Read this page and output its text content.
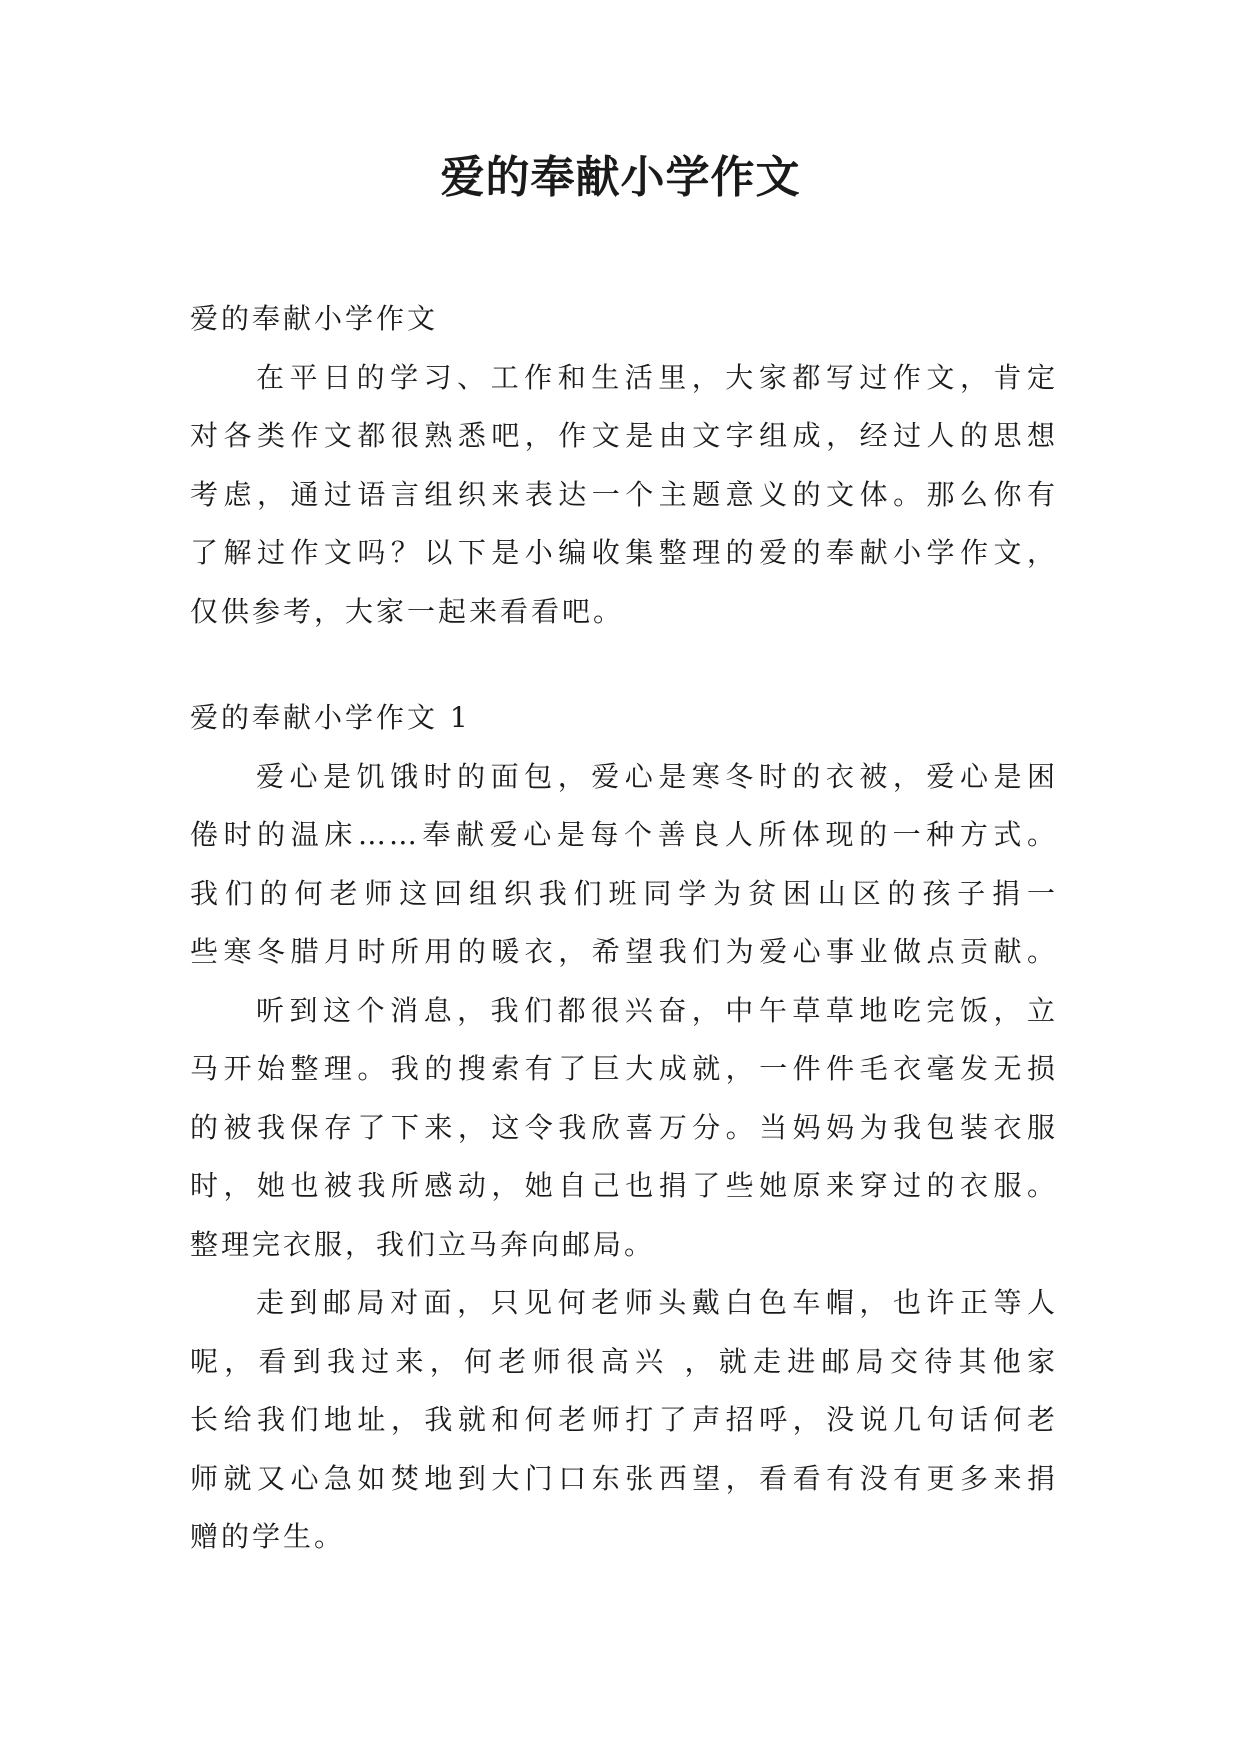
爱的奉献小学作文
爱的奉献小学作文
在平日的学习、工作和生活里，大家都写过作文，肯定
对各类作文都很熟悉吧，作文是由文字组成，经过人的思想
考虑，通过语言组织来表达一个主题意义的文体。那么你有
了解过作文吗？以下是小编收集整理的爱的奉献小学作文，
仅供参考，大家一起来看看吧。
爱的奉献小学作文 1
爱心是饥饿时的面包，爱心是寒冬时的衣被，爱心是困
倦时的温床……奉献爱心是每个善良人所体现的一种方式。
我们的何老师这回组织我们班同学为贫困山区的孩子捐一
些寒冬腊月时所用的暖衣，希望我们为爱心事业做点贡献。
听到这个消息，我们都很兴奋，中午草草地吃完饭，立
马开始整理。我的搜索有了巨大成就，一件件毛衣毫发无损
的被我保存了下来，这令我欣喜万分。当妈妈为我包装衣服
时，她也被我所感动，她自己也捐了些她原来穿过的衣服。
整理完衣服，我们立马奔向邮局。
走到邮局对面，只见何老师头戴白色车帽，也许正等人
呢，看到我过来，何老师很高兴 ，就走进邮局交待其他家
长给我们地址，我就和何老师打了声招呼，没说几句话何老
师就又心急如焚地到大门口东张西望，看看有没有更多来捐
赠的学生。
